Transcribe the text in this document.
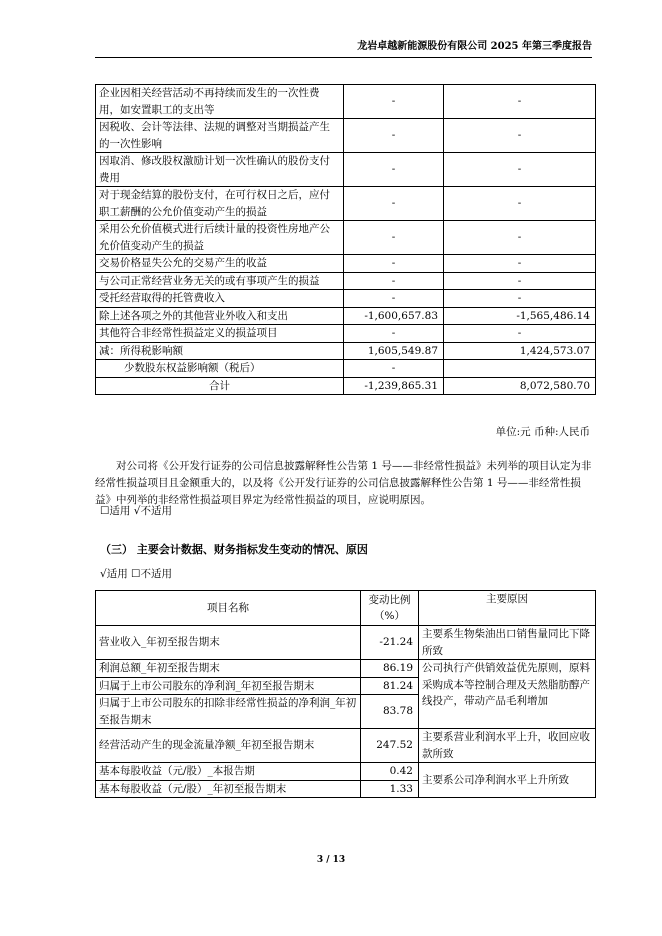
龙岩卓越新能源股份有限公司 2025 年第三季度报告
企业因相关经营活动不再持续而发生的一次性费用，如安置职工的支出等	-	-
因税收、会计等法律、法规的调整对当期损益产生的一次性影响	-	-
因取消、修改股权激励计划一次性确认的股份支付费用	-	-
对于现金结算的股份支付，在可行权日之后，应付职工薪酬的公允价值变动产生的损益	-	-
采用公允价值模式进行后续计量的投资性房地产公允价值变动产生的损益	-	-
交易价格显失公允的交易产生的收益	-	-
与公司正常经营业务无关的或有事项产生的损益	-	-
受托经营取得的托管费收入	-	-
除上述各项之外的其他营业外收入和支出	-1,600,657.83	-1,565,486.14
其他符合非经常性损益定义的损益项目	-	-
减：所得税影响额	1,605,549.87	1,424,573.07
少数股东权益影响额（税后）	-	
合计	-1,239,865.31	8,072,580.70
单位:元 币种:人民币
对公司将《公开发行证券的公司信息披露解释性公告第 1 号——非经常性损益》未列举的项目认定为非经常性损益项目且金额重大的，以及将《公开发行证券的公司信息披露解释性公告第 1 号——非经常性损益》中列举的非经常性损益项目界定为经常性损益的项目，应说明原因。
☐适用 √不适用
（三） 主要会计数据、财务指标发生变动的情况、原因
√适用 ☐不适用
项目名称	变动比例（%）	主要原因
营业收入_年初至报告期末	-21.24	主要系生物柴油出口销售量同比下降所致
利润总额_年初至报告期末	86.19	公司执行产供销效益优先原则，原料采购成本等控制合理及天然脂肪醇产线投产，带动产品毛利增加
归属于上市公司股东的净利润_年初至报告期末	81.24	
归属于上市公司股东的扣除非经常性损益的净利润_年初至报告期末	83.78	
经营活动产生的现金流量净额_年初至报告期末	247.52	主要系营业利润水平上升，收回应收款所致
基本每股收益（元/股）_本报告期	0.42	主要系公司净利润水平上升所致
基本每股收益（元/股）_年初至报告期末	1.33	
3 / 13
